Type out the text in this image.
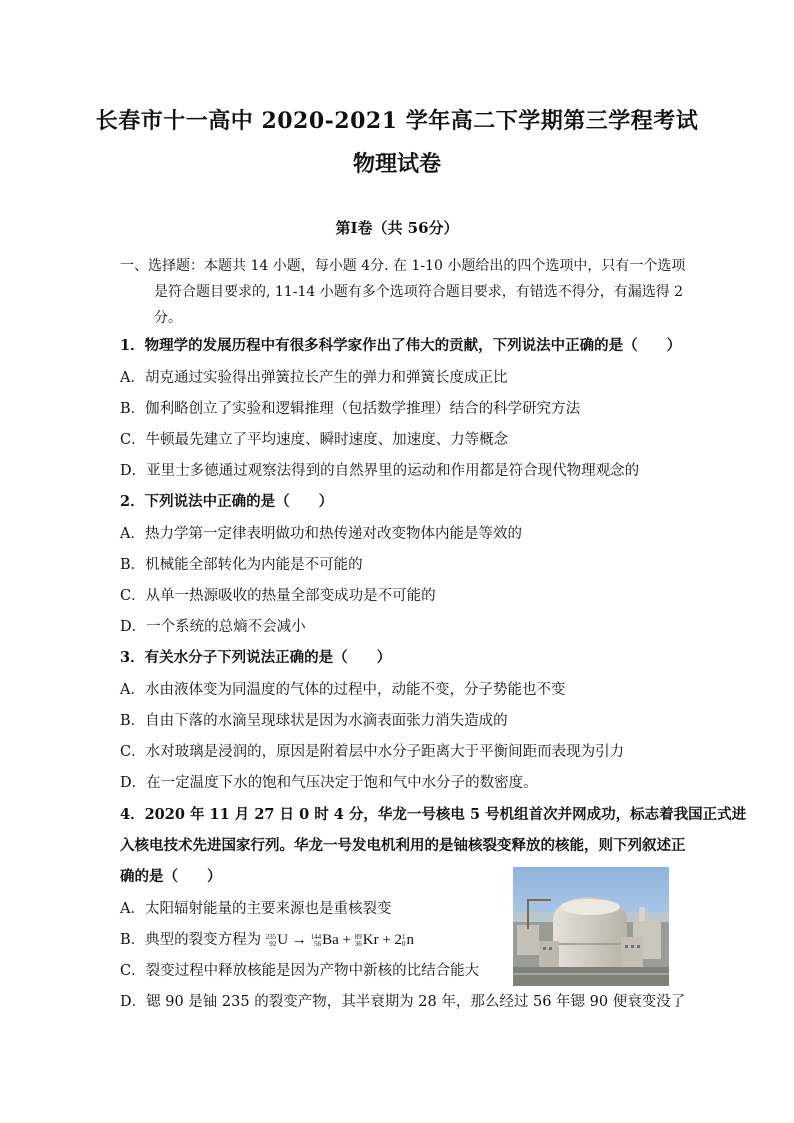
长春市十一高中 2020-2021 学年高二下学期第三学程考试
物理试卷
第Ⅰ卷（共 56分）
一、选择题：本题共 14 小题，每小题 4分. 在 1-10 小题给出的四个选项中，只有一个选项
是符合题目要求的, 11-14 小题有多个选项符合题目要求，有错选不得分，有漏选得 2
分。
1．物理学的发展历程中有很多科学家作出了伟大的贡献，下列说法中正确的是（　　）
A．胡克通过实验得出弹簧拉长产生的弹力和弹簧长度成正比
B．伽利略创立了实验和逻辑推理（包括数学推理）结合的科学研究方法
C．牛顿最先建立了平均速度、瞬时速度、加速度、力等概念
D．亚里士多德通过观察法得到的自然界里的运动和作用都是符合现代物理观念的
2．下列说法中正确的是（　　）
A．热力学第一定律表明做功和热传递对改变物体内能是等效的
B．机械能全部转化为内能是不可能的
C．从单一热源吸收的热量全部变成功是不可能的
D．一个系统的总熵不会减小
3．有关水分子下列说法正确的是（　　）
A．水由液体变为同温度的气体的过程中，动能不变，分子势能也不变
B．自由下落的水滴呈现球状是因为水滴表面张力消失造成的
C．水对玻璃是浸润的，原因是附着层中水分子距离大于平衡间距而表现为引力
D．在一定温度下水的饱和气压决定于饱和气中水分子的数密度。
4．2020 年 11 月 27 日 0 时 4 分，华龙一号核电 5 号机组首次并网成功，标志着我国正式进
入核电技术先进国家行列。华龙一号发电机利用的是铀核裂变释放的核能，则下列叙述正
确的是（　　）
A．太阳辐射能量的主要来源也是重核裂变
B．典型的裂变方程为 235
92 U → 144
56 Ba + 89
36 Kr + 2 1
0 n
C．裂变过程中释放核能是因为产物中新核的比结合能大
D．锶 90 是铀 235 的裂变产物，其半衰期为 28 年，那么经过 56 年锶 90 便衰变没了
